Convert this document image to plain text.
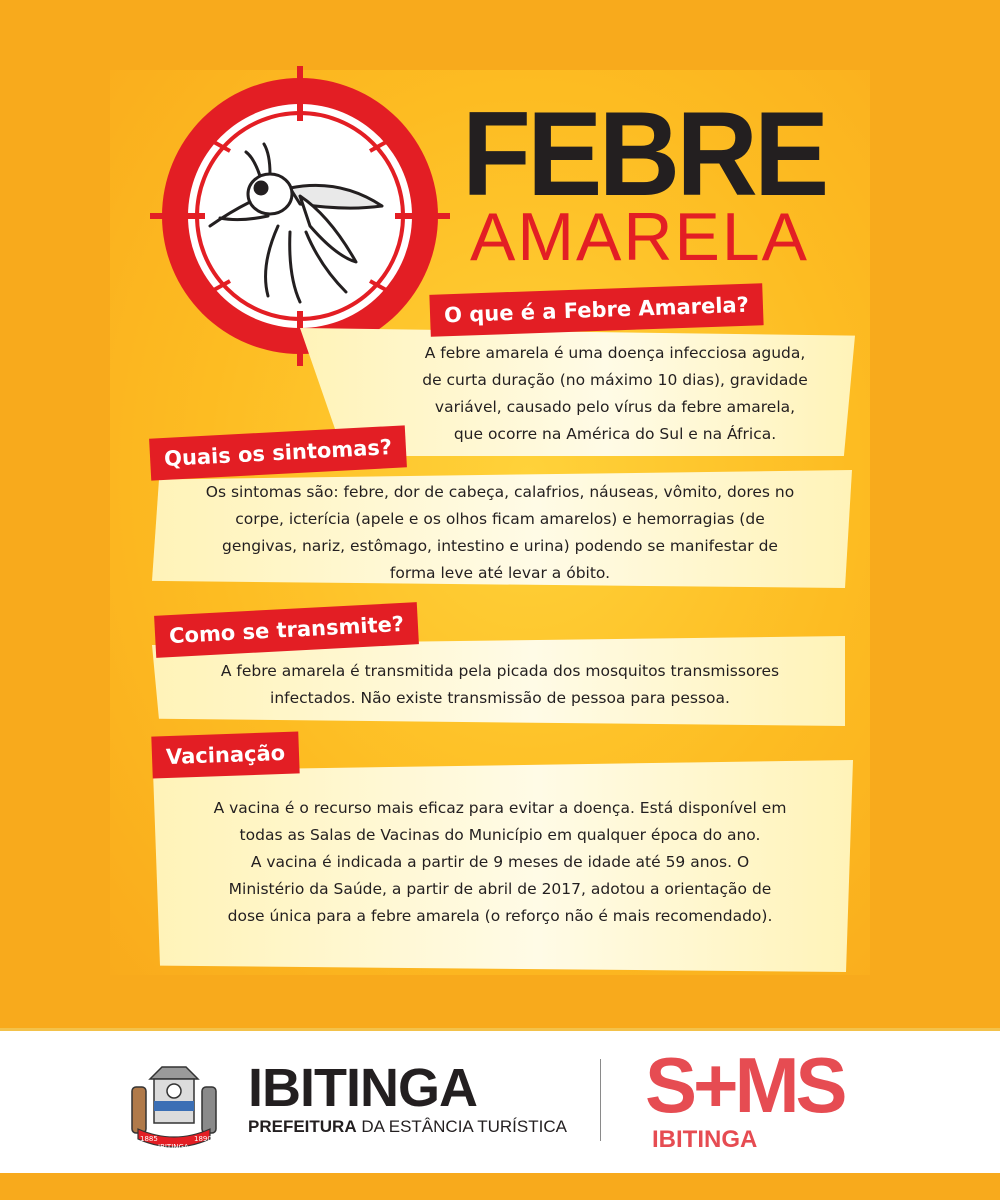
FEBRE
AMARELA
O que é a Febre Amarela?

A febre amarela é uma doença infecciosa aguda,
de curta duração (no máximo 10 dias), gravidade
variável, causado pelo vírus da febre amarela,
que ocorre na América do Sul e na África.

Quais os sintomas?

Os sintomas são: febre, dor de cabeça, calafrios, náuseas, vômito, dores no
corpe, icterícia (apele e os olhos ficam amarelos) e hemorragias (de
gengivas, nariz, estômago, intestino e urina) podendo se manifestar de
forma leve até levar a óbito.

Como se transmite?

A febre amarela é transmitida pela picada dos mosquitos transmissores
infectados. Não existe transmissão de pessoa para pessoa.

Vacinação

A vacina é o recurso mais eficaz para evitar a doença. Está disponível em
todas as Salas de Vacinas do Município em qualquer época do ano.
A vacina é indicada a partir de 9 meses de idade até 59 anos. O
Ministério da Saúde, a partir de abril de 2017, adotou a orientação de
dose única para a febre amarela (o reforço não é mais recomendado).

1885	1890
IBITINGA
IBITINGA
PREFEITURA DA ESTÂNCIA TURÍSTICA S+MS
IBITINGA
